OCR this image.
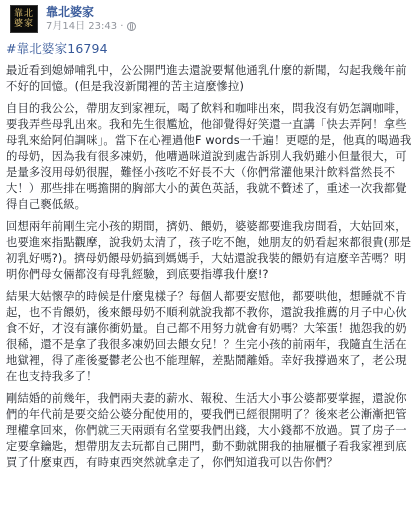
靠北 婆家
靠北婆家
7月14日 23:43 ·
#靠北婆家16794

最近看到媳婦哺乳中，公公開門進去還說要幫他通乳什麼的新聞，勾起我幾年前不好的回憶。(但是我沒新聞裡的苦主這麼慘拉)

自目的我公公，帶朋友到家裡玩，喝了飲料和咖啡出來，問我沒有奶怎調咖啡，要我弄些母乳出來。我和先生很尷尬，他卻覺得好笑還一直講「快去弄阿！拿些母乳來給阿伯調咪」。當下在心裡過他F words一千遍！更噁的是，他真的喝過我的母奶，因為我有很多凍奶，他嘈過咪道說到處告訴別人我奶雖小但量很大，可是量多沒用母奶很腥，難怪小孩吃不好長不大（你們常灌他果汁飲料當然長不大！）那些排在嗎擔開的胸部大小的黃色英話，我就不贅述了，重述一次我都覺得自己褻低級。

回想兩年前剛生完小孩的期間，擠奶、餵奶，婆婆都要進我房間看，大姑回來，也要進來指點觀摩，說我奶太清了，孩子吃不飽，她朋友的奶看起來都很貴(那是初乳好嗎?)。擠母奶餵母奶搞到媽媽手，大姑還說我裝的餵奶有這麼辛苦嗎？明明你們母女倆都沒有母乳經驗，到底要指導我什麼!?

結果大姑懷孕的時候是什麼鬼樣子？每個人都要安慰他，都要哄他，想睡就不肯起，也不肯餵奶，後來餵母奶不順利就說我都不教你，還說我推薦的月子中心伙食不好，才沒有讓你衝奶量。自己都不用努力就會有奶嗎？大笨蛋！拋怨我的奶很稀，還不是拿了我很多凍奶回去餵女兒！？生完小孩的前兩年，我隨直生活在地獄裡，得了產後憂鬱老公也不能理解，差點鬧離婚。幸好我撐過來了，老公現在也支持我多了！

剛結婚的前幾年，我們兩夫妻的薪水、報稅、生活大小事公婆都要掌握，還說你們的年代前是要交給公婆分配使用的，要我們已經很開明了？後來老公漸漸把管理權拿回來，你們就三天兩頭有名堂要我們出錢，大小錢都不放過。買了房子一定要拿鑰匙，想帶朋友去玩都自己開門，動不動就開我的抽屜櫃子看我家裡到底買了什麼東西，有時東西突然就拿走了，你們知道我可以告你們？
